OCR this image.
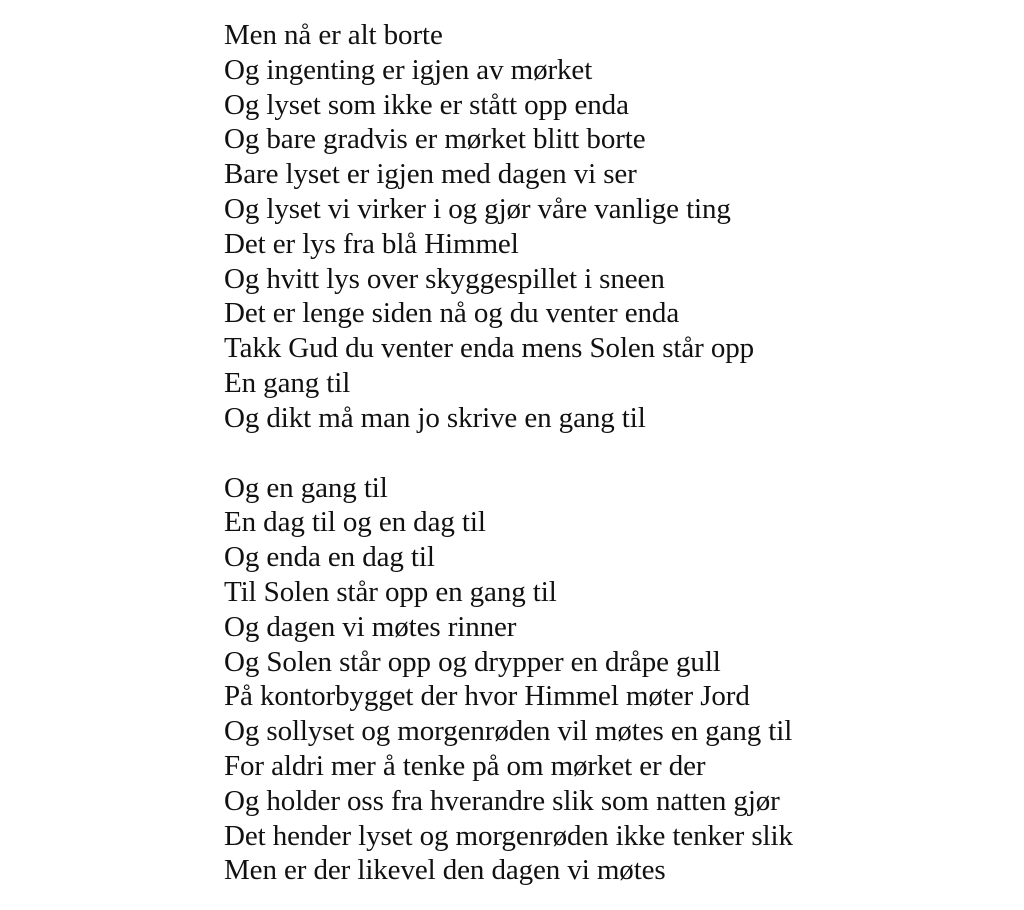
Men nå er alt borte
Og ingenting er igjen av mørket
Og lyset som ikke er stått opp enda
Og bare gradvis er mørket blitt borte
Bare lyset er igjen med dagen vi ser
Og lyset vi virker i og gjør våre vanlige ting
Det er lys fra blå Himmel
Og hvitt lys over skyggespillet i sneen
Det er lenge siden nå og du venter enda
Takk Gud du venter enda mens Solen står opp
En gang til
Og dikt må man jo skrive en gang til
Og en gang til
En dag til og en dag til
Og enda en dag til
Til Solen står opp en gang til
Og dagen vi møtes rinner
Og Solen står opp og drypper en dråpe gull
På kontorbygget der hvor Himmel møter Jord
Og sollyset og morgenrøden vil møtes en gang til
For aldri mer å tenke på om mørket er der
Og holder oss fra hverandre slik som natten gjør
Det hender lyset og morgenrøden ikke tenker slik
Men er der likevel den dagen vi møtes
